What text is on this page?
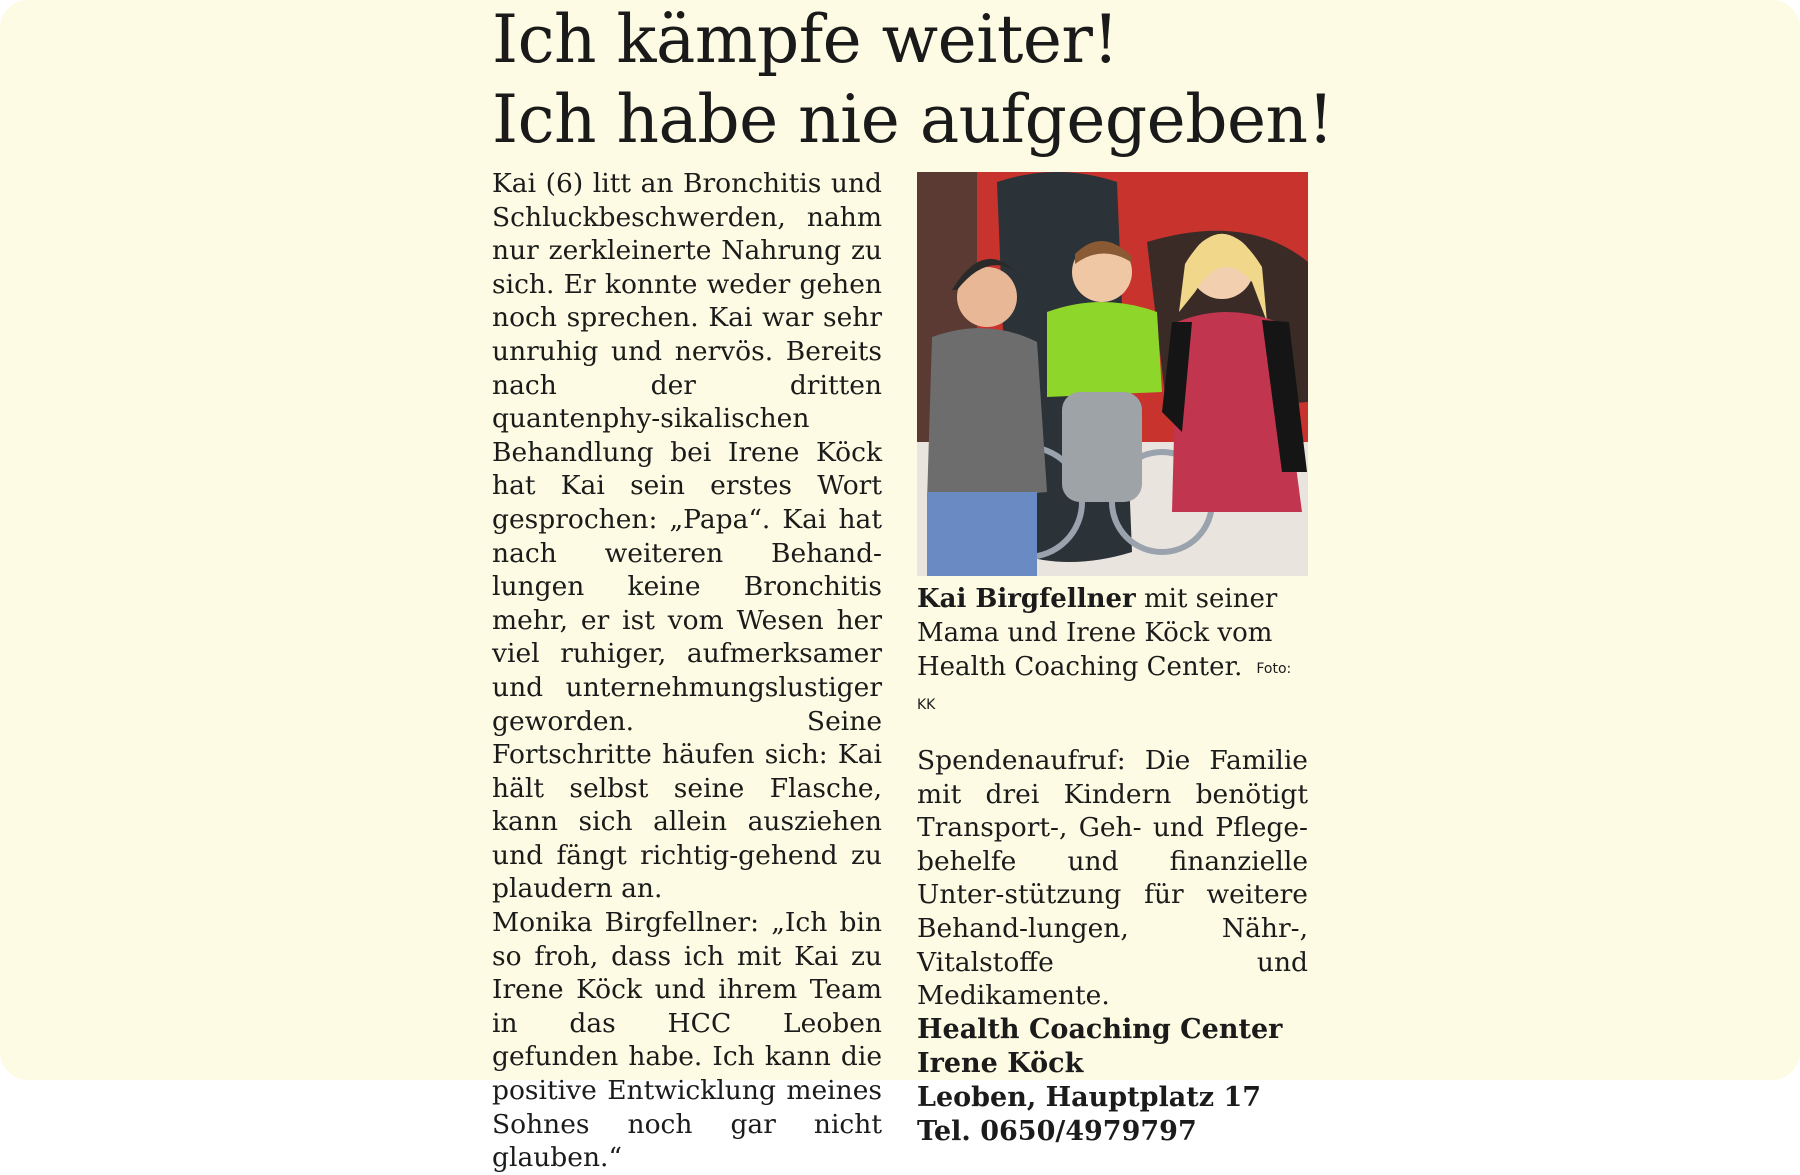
Ich kämpfe weiter!
Ich habe nie aufgegeben!

Kai (6) litt an Bronchitis und Schluckbeschwerden, nahm nur zerkleinerte Nahrung zu sich. Er konnte weder gehen noch sprechen. Kai war sehr unruhig und nervös. Bereits nach der dritten quantenphy-sikalischen Behandlung bei Irene Köck hat Kai sein erstes Wort gesprochen: „Papa“. Kai hat nach weiteren Behand-lungen keine Bronchitis mehr, er ist vom Wesen her viel ruhiger, aufmerksamer und unternehmungslustiger geworden. Seine Fortschritte häufen sich: Kai hält selbst seine Flasche, kann sich allein ausziehen und fängt richtig-gehend zu plaudern an.

Monika Birgfellner: „Ich bin so froh, dass ich mit Kai zu Irene Köck und ihrem Team in das HCC Leoben gefunden habe. Ich kann die positive Entwicklung meines Sohnes noch gar nicht glauben.“

Kai Birgfellner mit seiner Mama und Irene Köck vom Health Coaching Center. Foto: KK
Spendenaufruf: Die Familie mit drei Kindern benötigt Transport-, Geh- und Pflege-behelfe und finanzielle Unter-stützung für weitere Behand-lungen, Nähr-, Vitalstoffe und Medikamente.
Health Coaching Center
Irene Köck
Leoben, Hauptplatz 17
Tel. 0650/4979797
